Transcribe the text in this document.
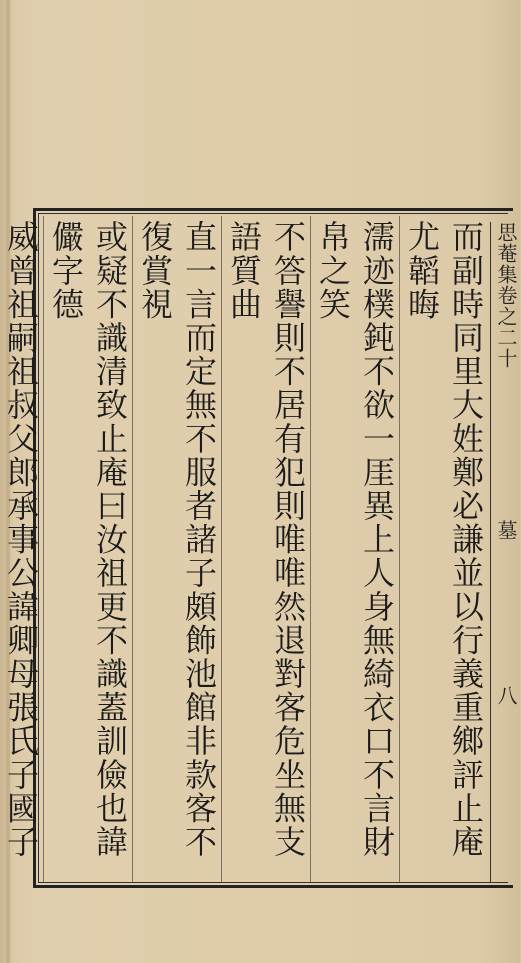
思菴集卷之二十
墓
八
而副時同里大姓鄭必謙並以行義重鄉評止庵尤韜晦
濡迹樸鈍不欲一厓異上人身無綺衣口不言財帛之笑
不答譽則不居有犯則唯唯然退對客危坐無支語質曲
直一言而定無不服者諸子頗飾池館非款客不復賞視
或疑不識清致止庵曰汝祖更不識蓋訓儉也諱儼字德
威曾祖嗣祖叔父郎承事公諱卿母張氏子國子
